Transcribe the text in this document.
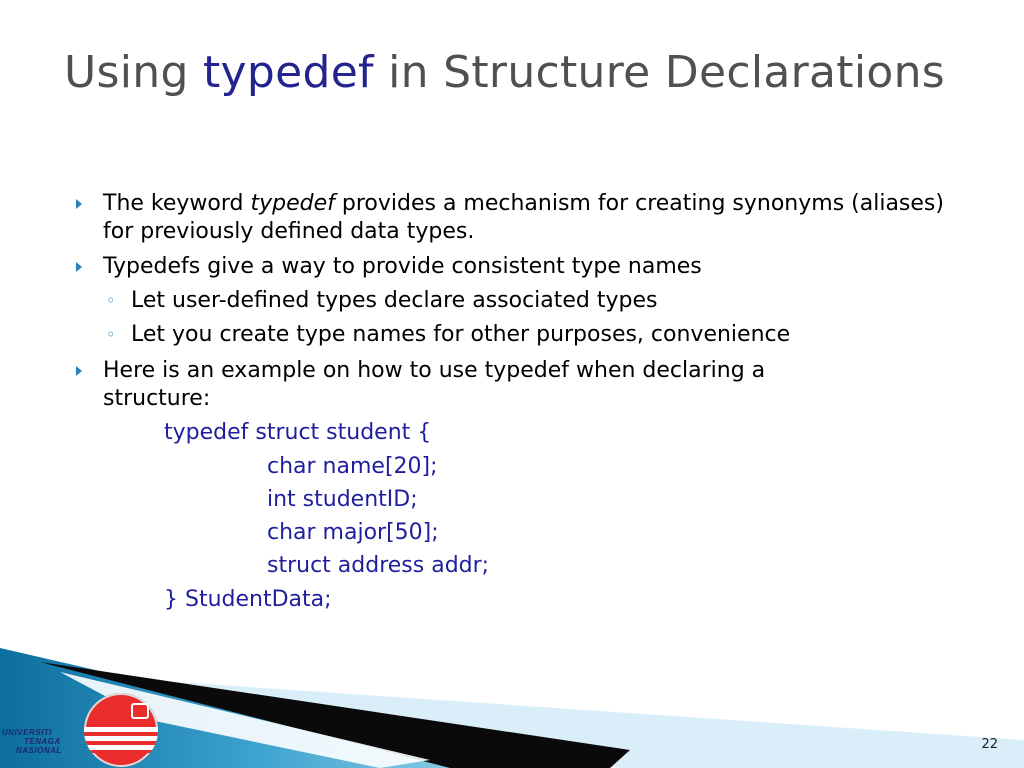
Using typedef in Structure Declarations
The keyword typedef provides a mechanism for creating synonyms (aliases) for previously defined data types.
Typedefs give a way to provide consistent type names
◦ Let user-defined types declare associated types
◦ Let you create type names for other purposes, convenience
Here is an example on how to use typedef when declaring a structure:
typedef struct student {
char name[20];
int studentID;
char major[50];
struct address addr;
} StudentData;
UNIVERSITI
TENAGA
NASIONAL	22
